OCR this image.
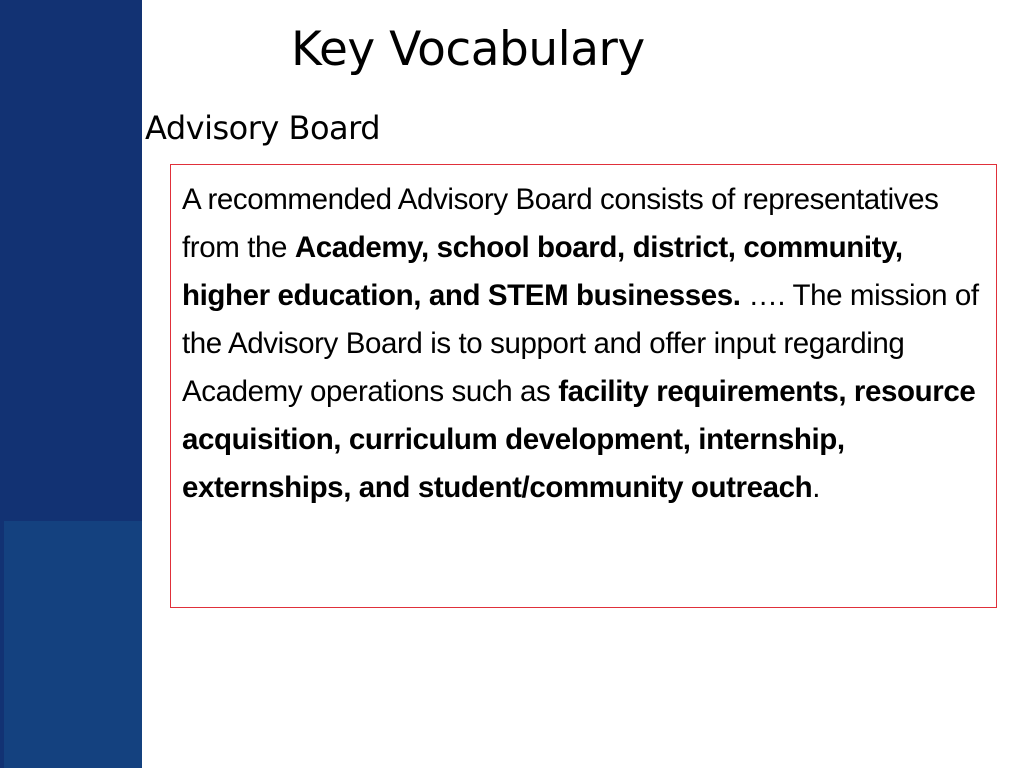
Key Vocabulary
Advisory Board

A recommended Advisory Board consists of representatives from the Academy, school board, district, community, higher education, and STEM businesses. …. The mission of the Advisory Board is to support and offer input regarding Academy operations such as facility requirements, resource acquisition, curriculum development, internship, externships, and student/community outreach.
